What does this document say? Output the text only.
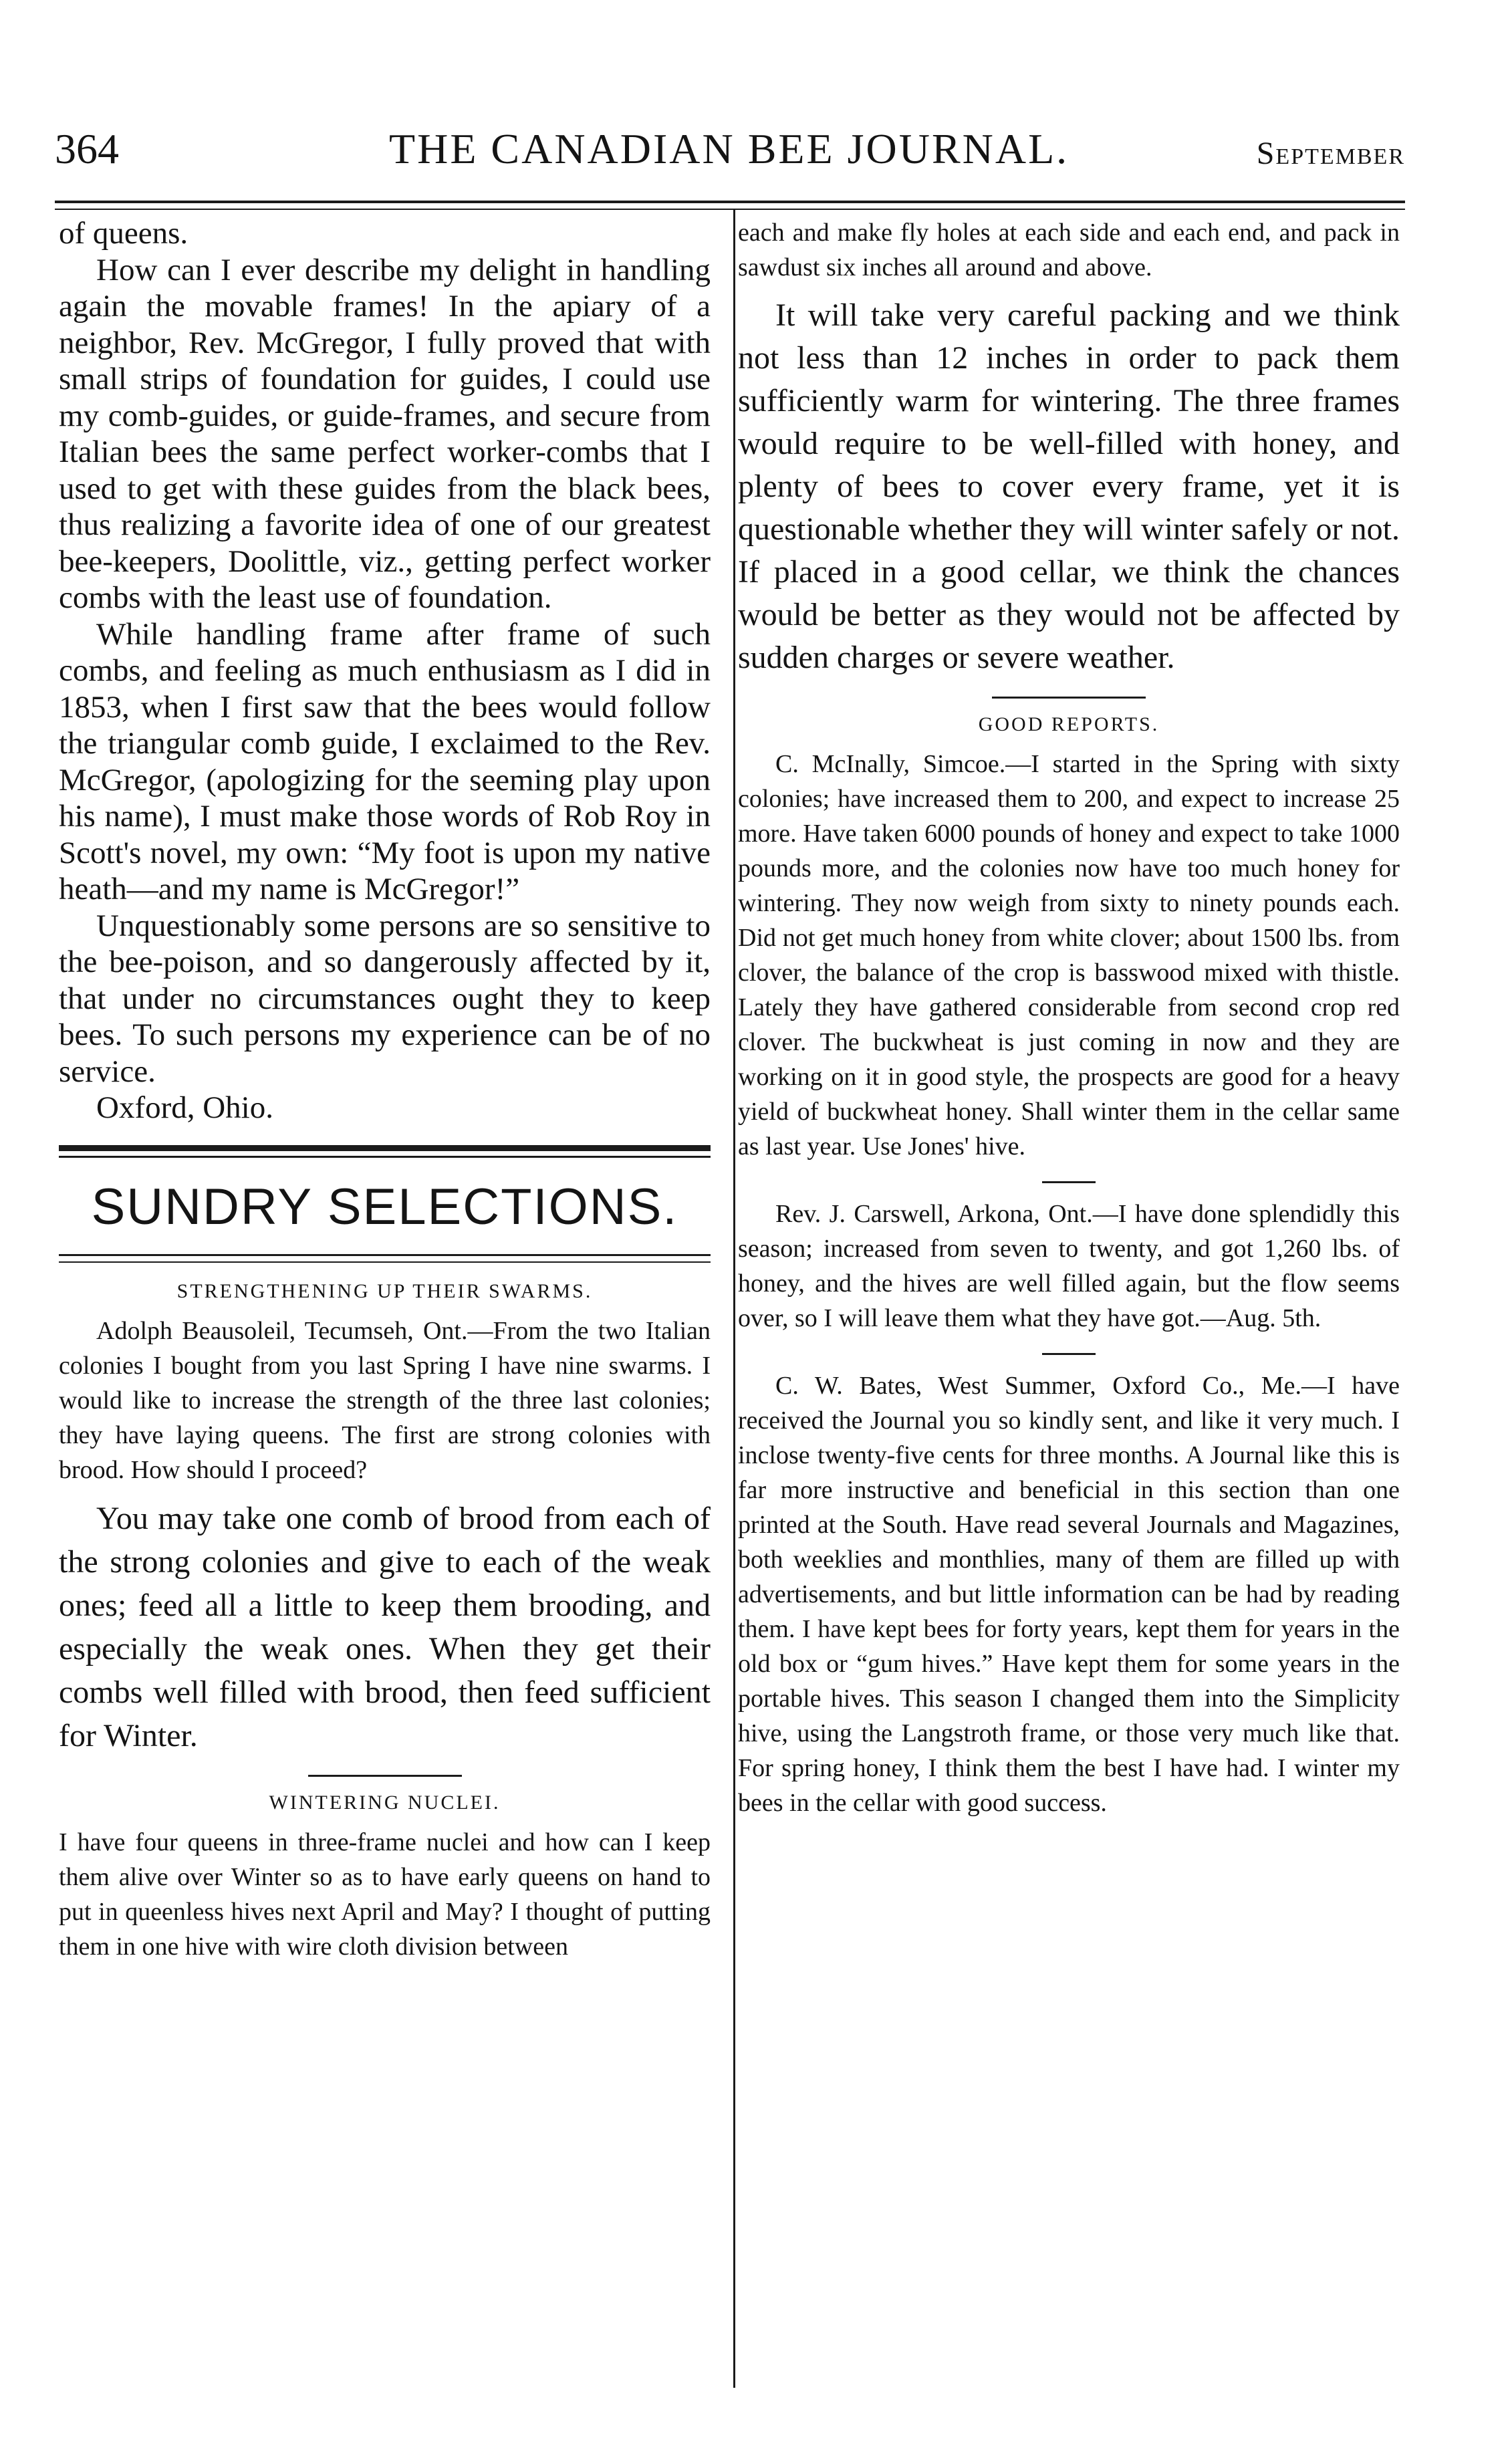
364	THE CANADIAN BEE JOURNAL.	September

of queens.

How can I ever describe my delight in handling again the movable frames! In the apiary of a neighbor, Rev. McGregor, I fully proved that with small strips of foundation for guides, I could use my comb-guides, or guide-frames, and secure from Italian bees the same perfect worker-combs that I used to get with these guides from the black bees, thus realizing a favorite idea of one of our greatest bee-keepers, Doolittle, viz., getting perfect worker combs with the least use of foundation.

While handling frame after frame of such combs, and feeling as much enthusiasm as I did in 1853, when I first saw that the bees would follow the triangular comb guide, I exclaimed to the Rev. McGregor, (apologizing for the seeming play upon his name), I must make those words of Rob Roy in Scott's novel, my own: “My foot is upon my native heath—and my name is McGregor!”

Unquestionably some persons are so sensitive to the bee-poison, and so dangerously affected by it, that under no circumstances ought they to keep bees. To such persons my experience can be of no service.

Oxford, Ohio.

SUNDRY SELECTIONS.
STRENGTHENING UP THEIR SWARMS.

Adolph Beausoleil, Tecumseh, Ont.—From the two Italian colonies I bought from you last Spring I have nine swarms. I would like to increase the strength of the three last colonies; they have laying queens. The first are strong colonies with brood. How should I proceed?

You may take one comb of brood from each of the strong colonies and give to each of the weak ones; feed all a little to keep them brooding, and especially the weak ones. When they get their combs well filled with brood, then feed sufficient for Winter.

WINTERING NUCLEI.

I have four queens in three-frame nuclei and how can I keep them alive over Winter so as to have early queens on hand to put in queenless hives next April and May? I thought of putting them in one hive with wire cloth division between

each and make fly holes at each side and each end, and pack in sawdust six inches all around and above.

It will take very careful packing and we think not less than 12 inches in order to pack them sufficiently warm for wintering. The three frames would require to be well-filled with honey, and plenty of bees to cover every frame, yet it is questionable whether they will winter safely or not. If placed in a good cellar, we think the chances would be better as they would not be affected by sudden charges or severe weather.

GOOD REPORTS.

C. McInally, Simcoe.—I started in the Spring with sixty colonies; have increased them to 200, and expect to increase 25 more. Have taken 6000 pounds of honey and expect to take 1000 pounds more, and the colonies now have too much honey for wintering. They now weigh from sixty to ninety pounds each. Did not get much honey from white clover; about 1500 lbs. from clover, the balance of the crop is basswood mixed with thistle. Lately they have gathered considerable from second crop red clover. The buckwheat is just coming in now and they are working on it in good style, the prospects are good for a heavy yield of buckwheat honey. Shall winter them in the cellar same as last year. Use Jones' hive.

Rev. J. Carswell, Arkona, Ont.—I have done splendidly this season; increased from seven to twenty, and got 1,260 lbs. of honey, and the hives are well filled again, but the flow seems over, so I will leave them what they have got.—Aug. 5th.

C. W. Bates, West Summer, Oxford Co., Me.—I have received the Journal you so kindly sent, and like it very much. I inclose twenty-five cents for three months. A Journal like this is far more instructive and beneficial in this section than one printed at the South. Have read several Journals and Magazines, both weeklies and monthlies, many of them are filled up with advertisements, and but little information can be had by reading them. I have kept bees for forty years, kept them for years in the old box or “gum hives.” Have kept them for some years in the portable hives. This season I changed them into the Simplicity hive, using the Langstroth frame, or those very much like that. For spring honey, I think them the best I have had. I winter my bees in the cellar with good success.
